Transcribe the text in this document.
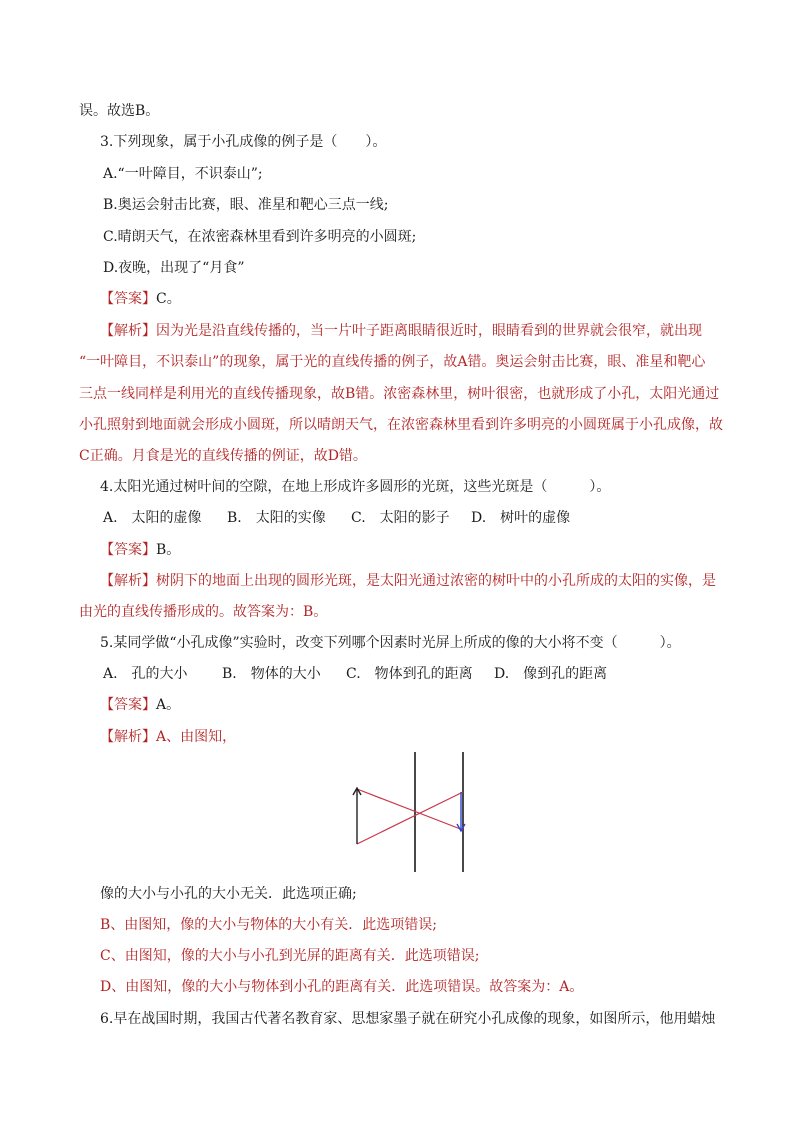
误。故选B。
3.下列现象，属于小孔成像的例子是（　　）。
A.“一叶障目，不识泰山”;
B.奥运会射击比赛，眼、准星和靶心三点一线;
C.晴朗天气，在浓密森林里看到许多明亮的小圆斑;
D.夜晚，出现了“月食”
【答案】C。
【解析】因为光是沿直线传播的，当一片叶子距离眼睛很近时，眼睛看到的世界就会很窄，就出现
“一叶障目，不识泰山”的现象，属于光的直线传播的例子，故A错。奥运会射击比赛，眼、准星和靶心
三点一线同样是利用光的直线传播现象，故B错。浓密森林里，树叶很密，也就形成了小孔，太阳光通过
小孔照射到地面就会形成小圆斑，所以晴朗天气，在浓密森林里看到许多明亮的小圆斑属于小孔成像，故
C正确。月食是光的直线传播的例证，故D错。
4.太阳光通过树叶间的空隙，在地上形成许多圆形的光斑，这些光斑是（　　　）。
A.　太阳的虚像 B.　太阳的实像 C.　太阳的影子 D.　树叶的虚像
【答案】B。
【解析】树阴下的地面上出现的圆形光斑，是太阳光通过浓密的树叶中的小孔所成的太阳的实像，是
由光的直线传播形成的。故答案为：B。
5.某同学做“小孔成像”实验时，改变下列哪个因素时光屏上所成的像的大小将不变（　　　）。
A.　孔的大小 B.　物体的大小 C.　物体到孔的距离 D.　像到孔的距离
【答案】A。
【解析】A、由图知，
像的大小与小孔的大小无关．此选项正确;
B、由图知，像的大小与物体的大小有关．此选项错误;
C、由图知，像的大小与小孔到光屏的距离有关．此选项错误;
D、由图知，像的大小与物体到小孔的距离有关．此选项错误。故答案为：A。
6.早在战国时期，我国古代著名教育家、思想家墨子就在研究小孔成像的现象，如图所示，他用蜡烛
